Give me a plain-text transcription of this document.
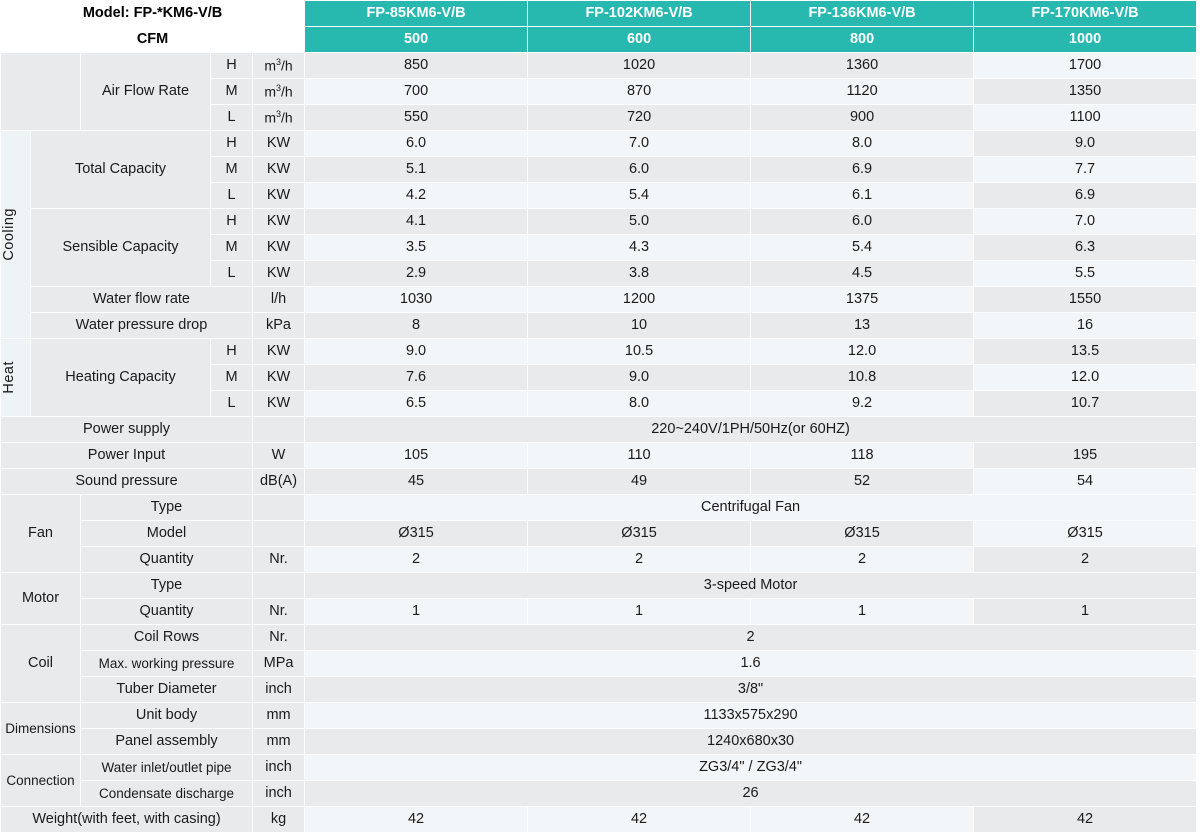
Model: FP-*KM6-V/B					FP-85KM6-V/B	FP-102KM6-V/B	FP-136KM6-V/B	FP-170KM6-V/B
CFM					500	600	800	1000
		Air Flow Rate	H	$m^3/h$	850	1020	1360	1700
			M	$m^3/h$	700	870	1120	1350
			L	$m^3/h$	550	720	900	1100

Cooling	Total Capacity		H	KW	6.0	7.0	8.0	9.0
			M	KW	5.1	6.0	6.9	7.7
			L	KW	4.2	5.4	6.1	6.9
	Sensible Capacity		H	KW	4.1	5.0	6.0	7.0
			M	KW	3.5	4.3	5.4	6.3
			L	KW	2.9	3.8	4.5	5.5
	Water flow rate			l/h	1030	1200	1375	1550
	Water pressure drop			kPa	8	10	13	16

Heat	Heating Capacity		H	KW	9.0	10.5	12.0	13.5
			M	KW	7.6	9.0	10.8	12.0
			L	KW	6.5	8.0	9.2	10.7
Power supply					220~240V/1PH/50Hz(or 60HZ)			
Power Input				W	105	110	118	195
Sound pressure				dB(A)	45	49	52	54
Fan		Type			Centrifugal Fan			
		Model			Ø315	Ø315	Ø315	Ø315
		Quantity		Nr.	2	2	2	2
Motor		Type			3-speed Motor			
		Quantity		Nr.	1	1	1	1
Coil		Coil Rows		Nr.	2			
		Max. working pressure		MPa	1.6			
		Tuber Diameter		inch	3/8"			
Dimensions		Unit body		mm	1133x575x290			
		Panel assembly		mm	1240x680x30			
Connection		Water inlet/outlet pipe		inch	ZG3/4" / ZG3/4"			
		Condensate discharge		inch	26			
Weight(with feet, with casing)				kg	42	42	42	42
